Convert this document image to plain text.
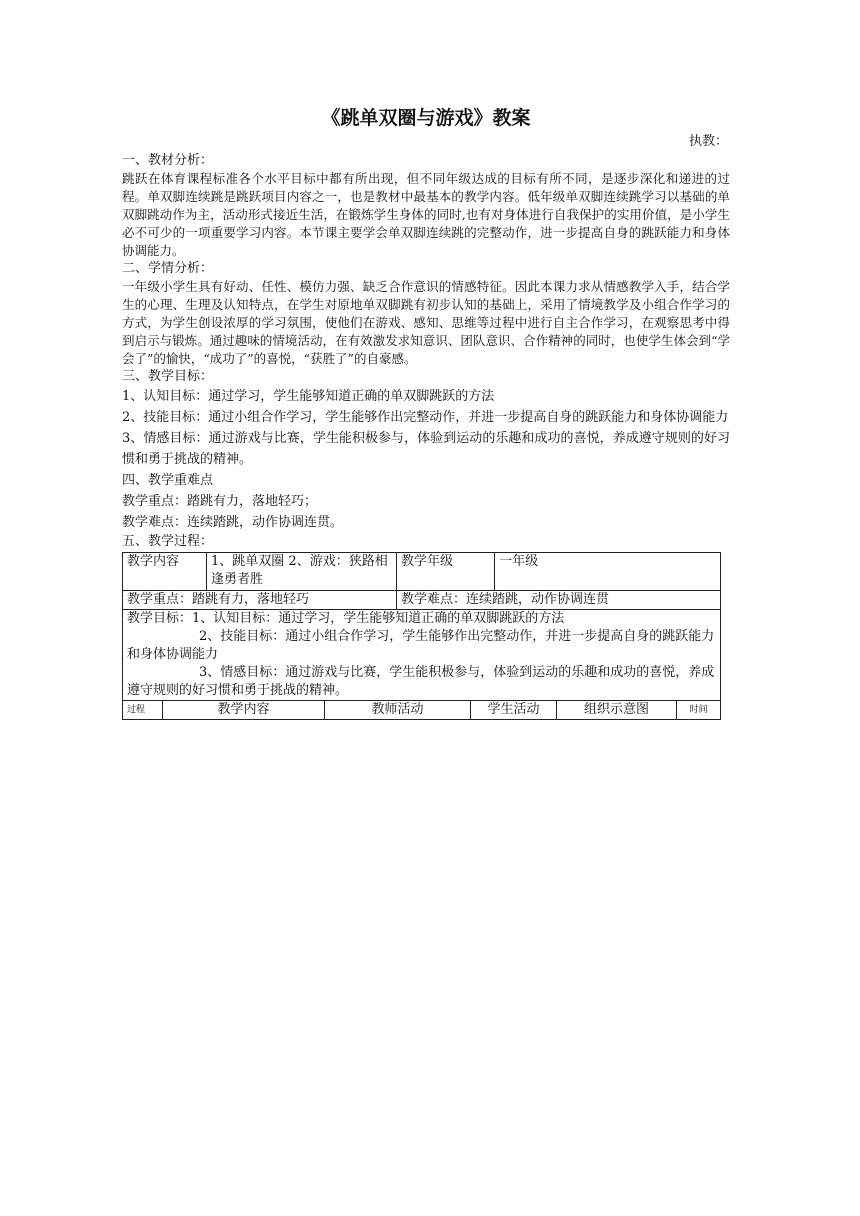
《跳单双圈与游戏》教案
执教：
一、教材分析：
跳跃在体育课程标准各个水平目标中都有所出现，但不同年级达成的目标有所不同，是逐步深化和递进的过程。单双脚连续跳是跳跃项目内容之一，也是教材中最基本的教学内容。低年级单双脚连续跳学习以基础的单双脚跳动作为主，活动形式接近生活，在锻炼学生身体的同时,也有对身体进行自我保护的实用价值，是小学生必不可少的一项重要学习内容。本节课主要学会单双脚连续跳的完整动作，进一步提高自身的跳跃能力和身体协调能力。
二、学情分析：
一年级小学生具有好动、任性、模仿力强、缺乏合作意识的情感特征。因此本课力求从情感教学入手，结合学生的心理、生理及认知特点，在学生对原地单双脚跳有初步认知的基础上，采用了情境教学及小组合作学习的方式，为学生创设浓厚的学习氛围，使他们在游戏、感知、思维等过程中进行自主合作学习，在观察思考中得到启示与锻炼。通过趣味的情境活动，在有效激发求知意识、团队意识、合作精神的同时，也使学生体会到“学会了”的愉快，“成功了”的喜悦，“获胜了”的自豪感。
三、教学目标：
1、认知目标：通过学习，学生能够知道正确的单双脚跳跃的方法
2、技能目标：通过小组合作学习，学生能够作出完整动作，并进一步提高自身的跳跃能力和身体协调能力
3、情感目标：通过游戏与比赛，学生能积极参与，体验到运动的乐趣和成功的喜悦，养成遵守规则的好习惯和勇于挑战的精神。
四、教学重难点
教学重点：踏跳有力，落地轻巧；
教学难点：连续踏跳，动作协调连贯。
五、教学过程：
教学内容		1、跳单双圈 2、游戏：狭路相逢勇者胜		教学年级		一年级		
教学重点：踏跳有力，落地轻巧				教学难点：连续踏跳，动作协调连贯				

教学目标：1、认知目标：通过学习，学生能够知道正确的单双脚跳跃的方法
2、技能目标：通过小组合作学习，学生能够作出完整动作，并进一步提高自身的跳跃能力和身体协调能力
3、情感目标：通过游戏与比赛，学生能积极参与，体验到运动的乐趣和成功的喜悦，养成遵守规则的好习惯和勇于挑战的精神。								

过程	教学内容		教师活动		学生活动		组织示意图	时间
